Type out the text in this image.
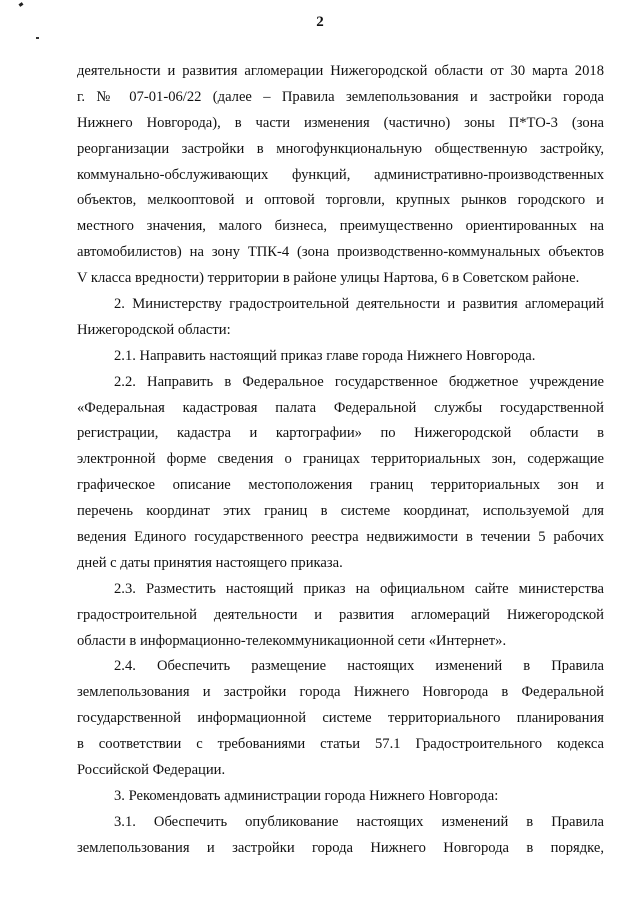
2
деятельности и развития агломерации Нижегородской области от 30 марта 2018
г. № 07-01-06/22 (далее – Правила землепользования и застройки города
Нижнего Новгорода), в части изменения (частично) зоны П*ТО-3 (зона
реорганизации застройки в многофункциональную общественную застройку,
коммунально-обслуживающих функций, административно-производственных
объектов, мелкооптовой и оптовой торговли, крупных рынков городского и
местного значения, малого бизнеса, преимущественно ориентированных на
автомобилистов) на зону ТПК-4 (зона производственно-коммунальных объектов
V класса вредности) территории в районе улицы Нартова, 6 в Советском районе.
2. Министерству градостроительной деятельности и развития агломераций
Нижегородской области:
2.1. Направить настоящий приказ главе города Нижнего Новгорода.
2.2. Направить в Федеральное государственное бюджетное учреждение
«Федеральная кадастровая палата Федеральной службы государственной
регистрации, кадастра и картографии» по Нижегородской области в
электронной форме сведения о границах территориальных зон, содержащие
графическое описание местоположения границ территориальных зон и
перечень координат этих границ в системе координат, используемой для
ведения Единого государственного реестра недвижимости в течении 5 рабочих
дней с даты принятия настоящего приказа.
2.3. Разместить настоящий приказ на официальном сайте министерства
градостроительной деятельности и развития агломераций Нижегородской
области в информационно-телекоммуникационной сети «Интернет».
2.4. Обеспечить размещение настоящих изменений в Правила
землепользования и застройки города Нижнего Новгорода в Федеральной
государственной информационной системе территориального планирования
в соответствии с требованиями статьи 57.1 Градостроительного кодекса
Российской Федерации.
3. Рекомендовать администрации города Нижнего Новгорода:
3.1. Обеспечить опубликование настоящих изменений в Правила
землепользования и застройки города Нижнего Новгорода в порядке,
